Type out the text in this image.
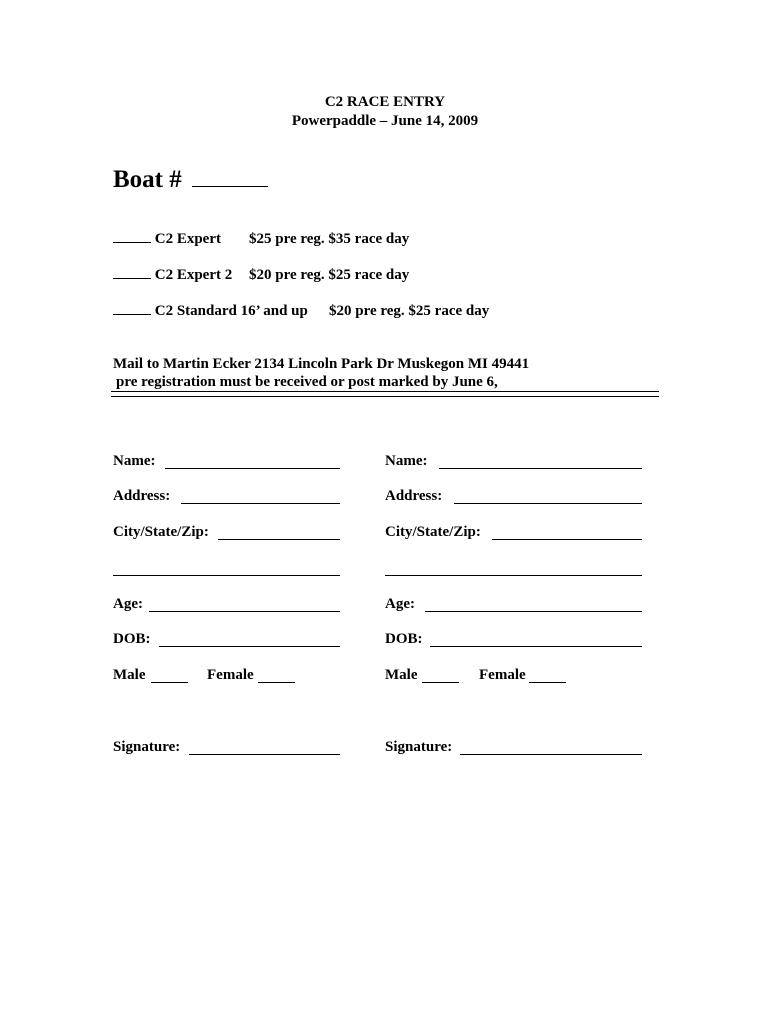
C2 RACE ENTRY
Powerpaddle – June 14, 2009
Boat #
C2 Expert $25 pre reg. $35 race day
C2 Expert 2 $20 pre reg. $25 race day
C2 Standard 16’ and up $20 pre reg. $25 race day
Mail to Martin Ecker 2134 Lincoln Park Dr Muskegon MI 49441
pre registration must be received or post marked by June 6,
Name:
Address:
City/State/Zip:
Age:
DOB:
Male	Female
Signature:
Name:
Address:
City/State/Zip:
Age:
DOB:
Male	Female
Signature:
